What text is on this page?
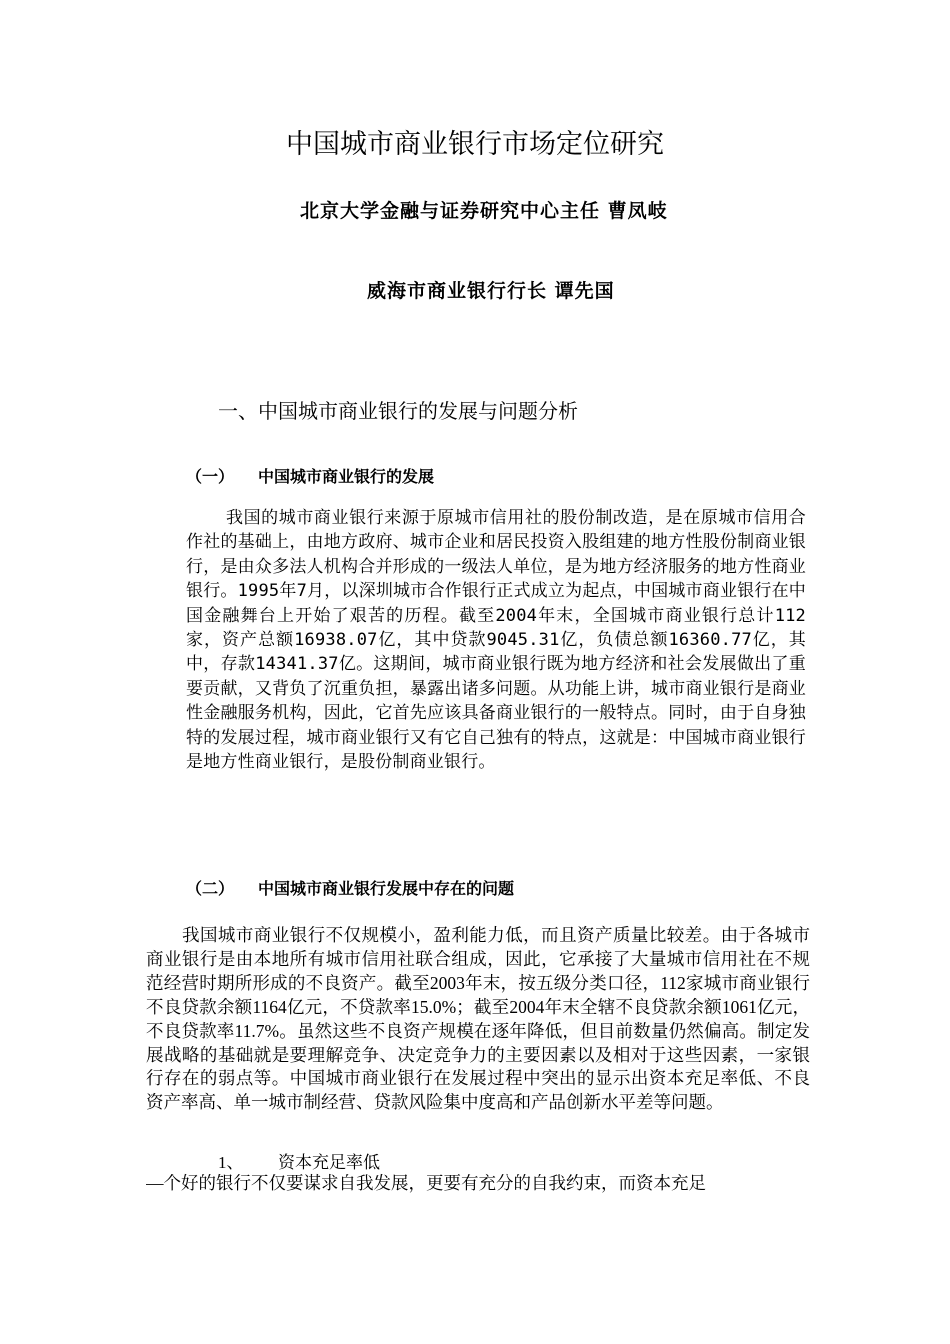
中国城市商业银行市场定位研究
北京大学金融与证券研究中心主任 曹凤岐
威海市商业银行行长 谭先国
一、中国城市商业银行的发展与问题分析
（一） 中国城市商业银行的发展
我国的城市商业银行来源于原城市信用社的股份制改造，是在原城市信用合作社的基础上，由地方政府、城市企业和居民投资入股组建的地方性股份制商业银行，是由众多法人机构合并形成的一级法人单位，是为地方经济服务的地方性商业银行。1995年7月，以深圳城市合作银行正式成立为起点，中国城市商业银行在中国金融舞台上开始了艰苦的历程。截至2004年末，全国城市商业银行总计112家，资产总额16938.07亿，其中贷款9045.31亿，负债总额16360.77亿，其中，存款14341.37亿。这期间，城市商业银行既为地方经济和社会发展做出了重要贡献，又背负了沉重负担，暴露出诸多问题。从功能上讲，城市商业银行是商业性金融服务机构，因此，它首先应该具备商业银行的一般特点。同时，由于自身独特的发展过程，城市商业银行又有它自己独有的特点，这就是：中国城市商业银行是地方性商业银行，是股份制商业银行。
（二） 中国城市商业银行发展中存在的问题
我国城市商业银行不仅规模小，盈利能力低，而且资产质量比较差。由于各城市商业银行是由本地所有城市信用社联合组成，因此，它承接了大量城市信用社在不规范经营时期所形成的不良资产。截至2003年末，按五级分类口径，112家城市商业银行不良贷款余额1164亿元，不贷款率15.0%；截至2004年末全辖不良贷款余额1061亿元，不良贷款率11.7%。虽然这些不良资产规模在逐年降低，但目前数量仍然偏高。制定发展战略的基础就是要理解竞争、决定竞争力的主要因素以及相对于这些因素，一家银行存在的弱点等。中国城市商业银行在发展过程中突出的显示出资本充足率低、不良资产率高、单一城市制经营、贷款风险集中度高和产品创新水平差等问题。
1、 资本充足率低
—个好的银行不仅要谋求自我发展，更要有充分的自我约束，而资本充足
